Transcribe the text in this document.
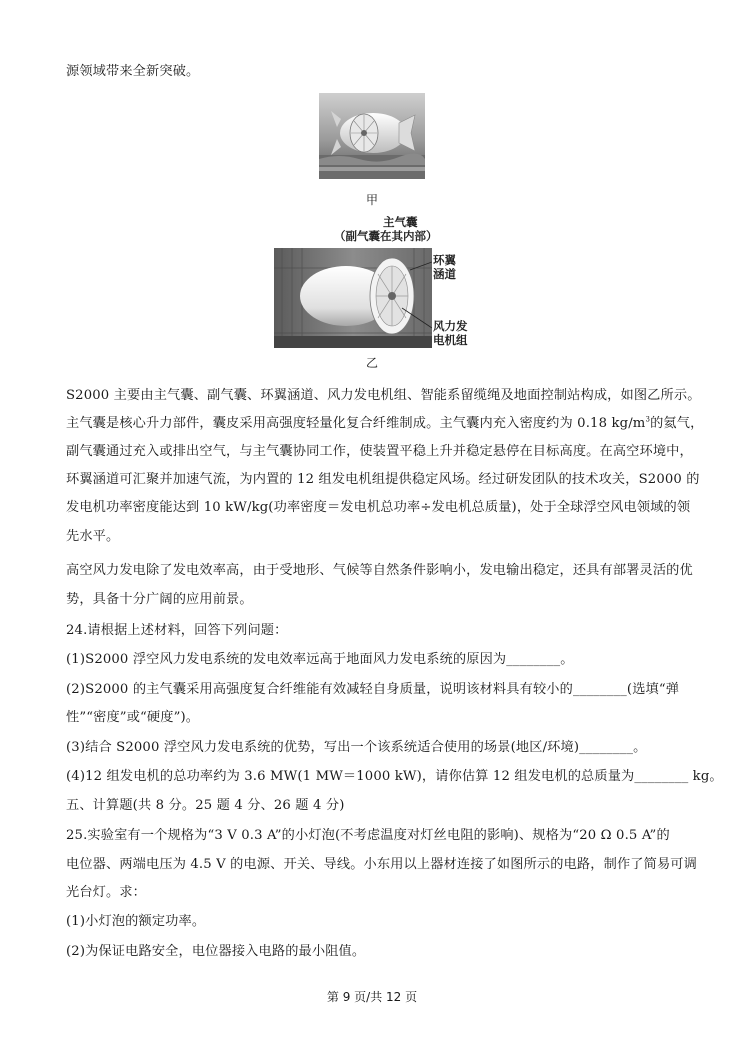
源领域带来全新突破。
甲
主气囊
（副气囊在其内部）
环翼
涵道
风力发
电机组
乙
S2000 主要由主气囊、副气囊、环翼涵道、风力发电机组、智能系留缆绳及地面控制站构成，如图乙所示。
主气囊是核心升力部件，囊皮采用高强度轻量化复合纤维制成。主气囊内充入密度约为 0.18 $kg/m^3$的氦气，
副气囊通过充入或排出空气，与主气囊协同工作，使装置平稳上升并稳定悬停在目标高度。在高空环境中，
环翼涵道可汇聚并加速气流，为内置的 12 组发电机组提供稳定风场。经过研发团队的技术攻关，S2000 的
发电机功率密度能达到 10 kW/kg(功率密度＝发电机总功率÷发电机总质量)，处于全球浮空风电领域的领
先水平。
高空风力发电除了发电效率高，由于受地形、气候等自然条件影响小，发电输出稳定，还具有部署灵活的优
势，具备十分广阔的应用前景。
24.请根据上述材料，回答下列问题：
(1)S2000 浮空风力发电系统的发电效率远高于地面风力发电系统的原因为________。
(2)S2000 的主气囊采用高强度复合纤维能有效减轻自身质量，说明该材料具有较小的________(选填“弹
性”“密度”或“硬度”)。
(3)结合 S2000 浮空风力发电系统的优势，写出一个该系统适合使用的场景(地区/环境)________。
(4)12 组发电机的总功率约为 3.6 MW(1 MW＝1000 kW)，请你估算 12 组发电机的总质量为________ kg。
五、计算题(共 8 分。25 题 4 分、26 题 4 分)
25.实验室有一个规格为“3 V 0.3 A”的小灯泡(不考虑温度对灯丝电阻的影响)、规格为“20 Ω 0.5 A”的
电位器、两端电压为 4.5 V 的电源、开关、导线。小东用以上器材连接了如图所示的电路，制作了简易可调
光台灯。求：
(1)小灯泡的额定功率。
(2)为保证电路安全，电位器接入电路的最小阻值。
第 9 页/共 12 页
